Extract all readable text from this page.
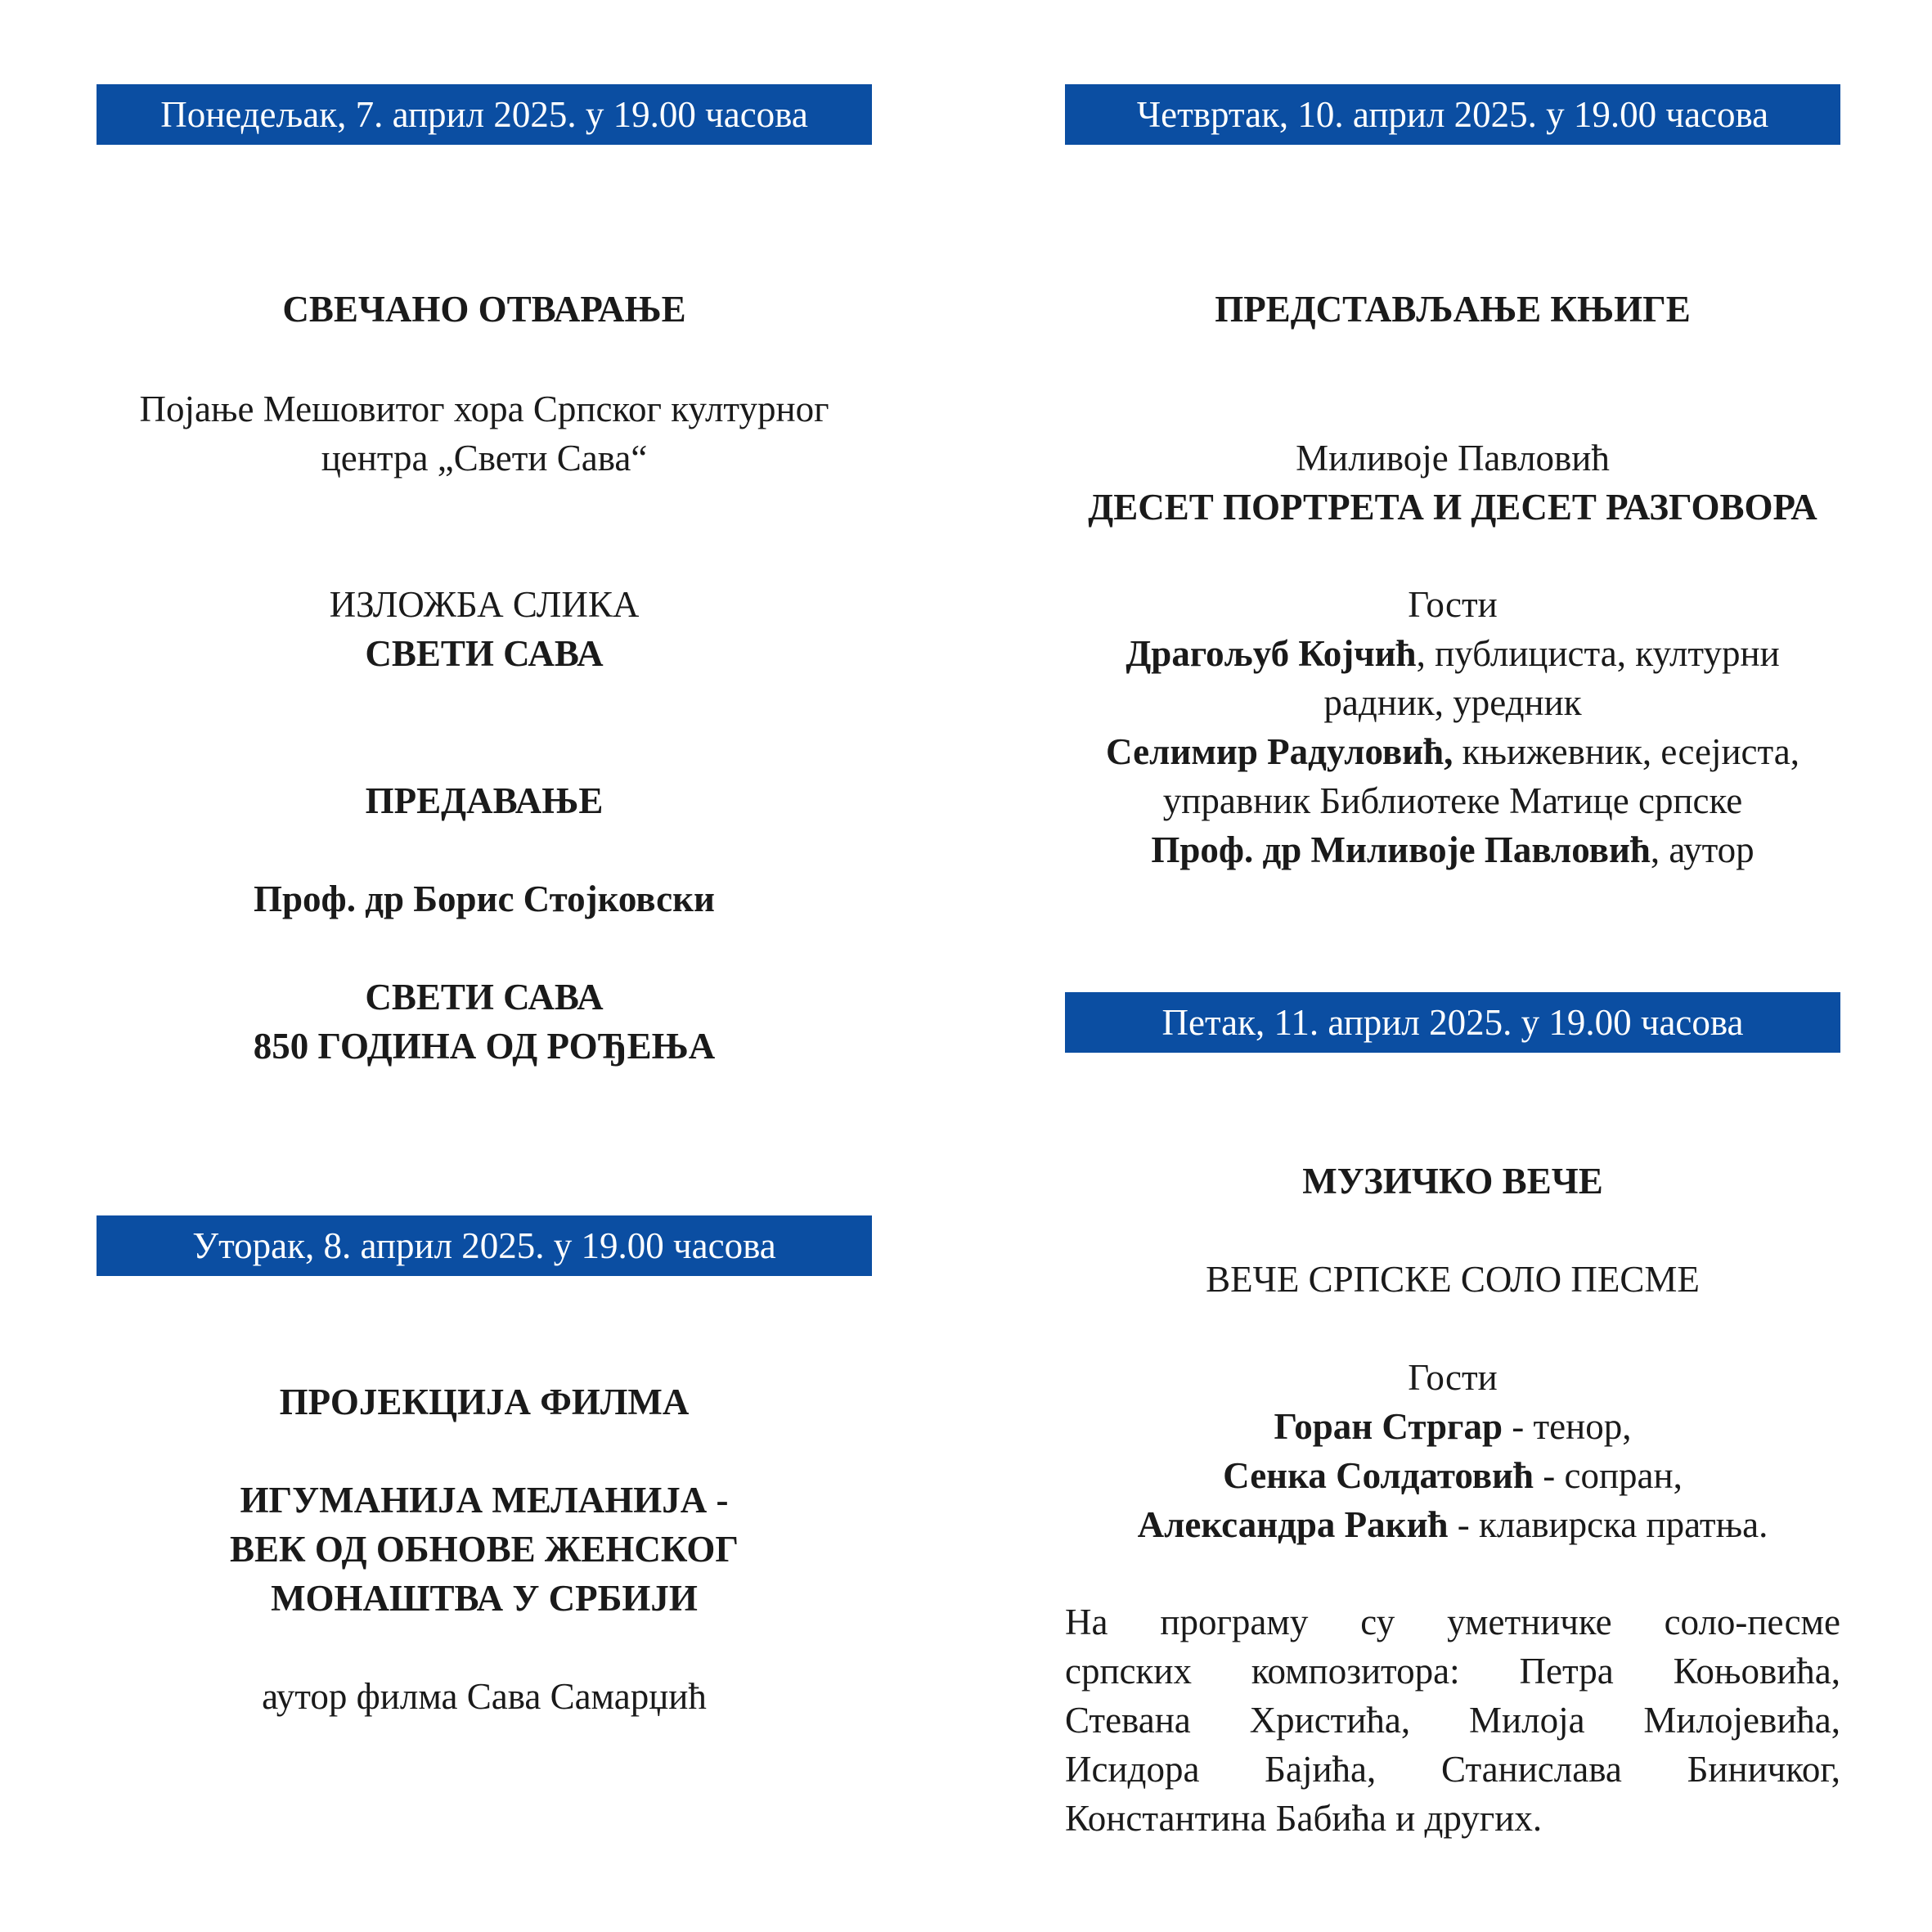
Понедељак, 7. април 2025. у 19.00 часова
СВЕЧАНО ОТВАРАЊЕ
Појање Мешовитог хора Српског културног
центра „Свети Сава“
ИЗЛОЖБА СЛИКА
СВЕТИ САВА
ПРЕДАВАЊЕ
Проф. др Борис Стојковски
СВЕТИ САВА
850 ГОДИНА ОД РОЂЕЊА
Уторак, 8. април 2025. у 19.00 часова
ПРОЈЕКЦИЈА ФИЛМА
ИГУМАНИЈА МЕЛАНИЈА -
ВЕК ОД ОБНОВЕ ЖЕНСКОГ
МОНАШТВА У СРБИЈИ
аутор филма Сава Самарџић
Четвртак, 10. април 2025. у 19.00 часова
ПРЕДСТАВЉАЊЕ КЊИГЕ
Миливоје Павловић
ДЕСЕТ ПОРТРЕТА И ДЕСЕТ РАЗГОВОРА
Гости
Драгољуб Којчић, публициста, културни
радник, уредник
Селимир Радуловић, књижевник, есејиста,
управник Библиотеке Матице српске
Проф. др Миливоје Павловић, аутор
Петак, 11. април 2025. у 19.00 часова
МУЗИЧКО ВЕЧЕ
ВЕЧЕ СРПСКЕ СОЛО ПЕСМЕ
Гости
Горан Стргар - тенор,
Сенка Солдатовић - сопран,
Александра Ракић - клавирска пратња.
На програму су уметничке соло-песме
српских композитора: Петра Коњовића,
Стевана Христића, Милоја Милојевића,
Исидора Бајића, Станислава Биничког,
Константина Бабића и других.
